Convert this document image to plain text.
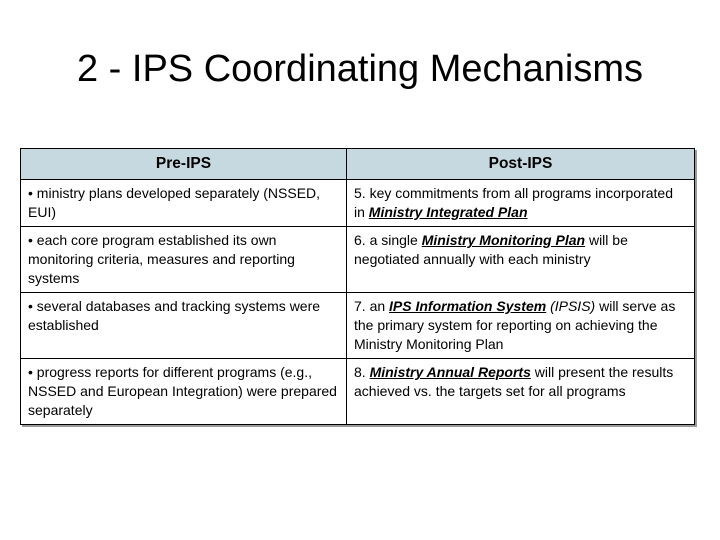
2 - IPS Coordinating Mechanisms
Pre-IPS	Post-IPS
• ministry plans developed separately (NSSED, EUI)	5. key commitments from all programs incorporated in Ministry Integrated Plan
• each core program established its own monitoring criteria, measures and reporting systems	6. a single Ministry Monitoring Plan will be negotiated annually with each ministry
• several databases and tracking systems were established	7. an IPS Information System (IPSIS) will serve as the primary system for reporting on achieving the Ministry Monitoring Plan
• progress reports for different programs (e.g., NSSED and European Integration) were prepared separately	8. Ministry Annual Reports will present the results achieved vs. the targets set for all programs
